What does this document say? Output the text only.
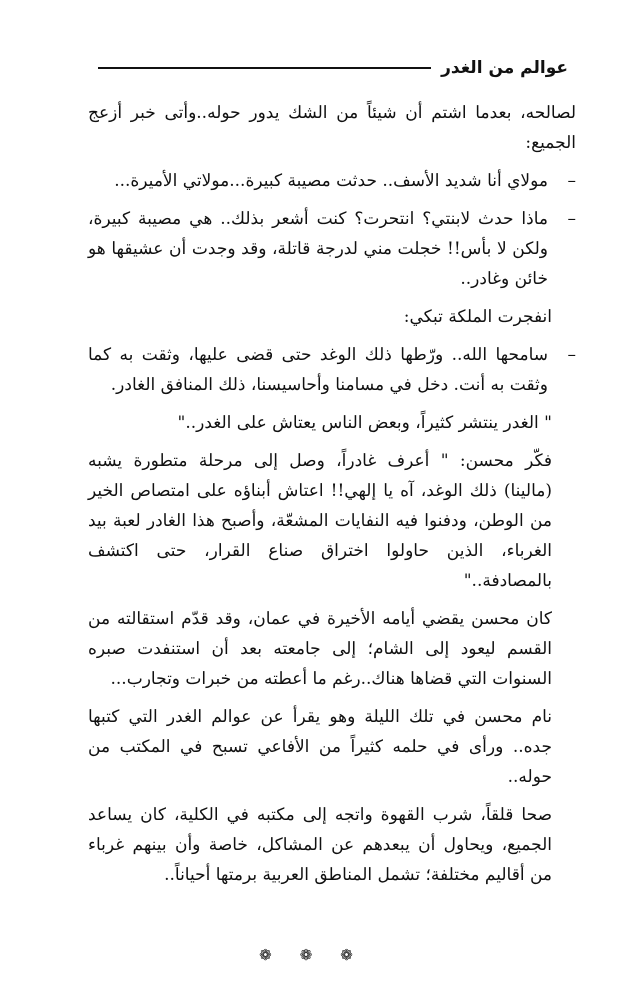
عوالم من الغدر

لصالحه، بعدما اشتم أن شيئاً من الشك يدور حوله..وأتى خبر أزعج الجميع:

–
مولاي أنا شديد الأسف.. حدثت مصيبة كبيرة...مولاتي الأميرة...

–
ماذا حدث لابنتي؟ انتحرت؟ كنت أشعر بذلك.. هي مصيبة كبيرة، ولكن لا بأس!! خجلت مني لدرجة قاتلة، وقد وجدت أن عشيقها هو خائن وغادر..

انفجرت الملكة تبكي:

–
سامحها الله.. ورّطها ذلك الوغد حتى قضى عليها، وثقت به كما وثقت به أنت. دخل في مسامنا وأحاسيسنا، ذلك المنافق الغادر.

" الغدر ينتشر كثيراً، وبعض الناس يعتاش على الغدر.."

فكّر محسن: " أعرف غادراً، وصل إلى مرحلة متطورة يشبه (مالينا) ذلك الوغد، آه يا إلهي!! اعتاش أبناؤه على امتصاص الخير من الوطن، ودفنوا فيه النفايات المشعّة، وأصبح هذا الغادر لعبة بيد الغرباء، الذين حاولوا اختراق صناع القرار، حتى اكتشف بالمصادفة.."

كان محسن يقضي أيامه الأخيرة في عمان، وقد قدّم استقالته من القسم ليعود إلى الشام؛ إلى جامعته بعد أن استنفدت صبره السنوات التي قضاها هناك..رغم ما أعطته من خبرات وتجارب...

نام محسن في تلك الليلة وهو يقرأ عن عوالم الغدر التي كتبها جده.. ورأى في حلمه كثيراً من الأفاعي تسبح في المكتب من حوله..

صحا قلقاً، شرب القهوة واتجه إلى مكتبه في الكلية، كان يساعد الجميع، ويحاول أن يبعدهم عن المشاكل، خاصة وأن بينهم غرباء من أقاليم مختلفة؛ تشمل المناطق العربية برمتها أحياناً..

❁❁❁
